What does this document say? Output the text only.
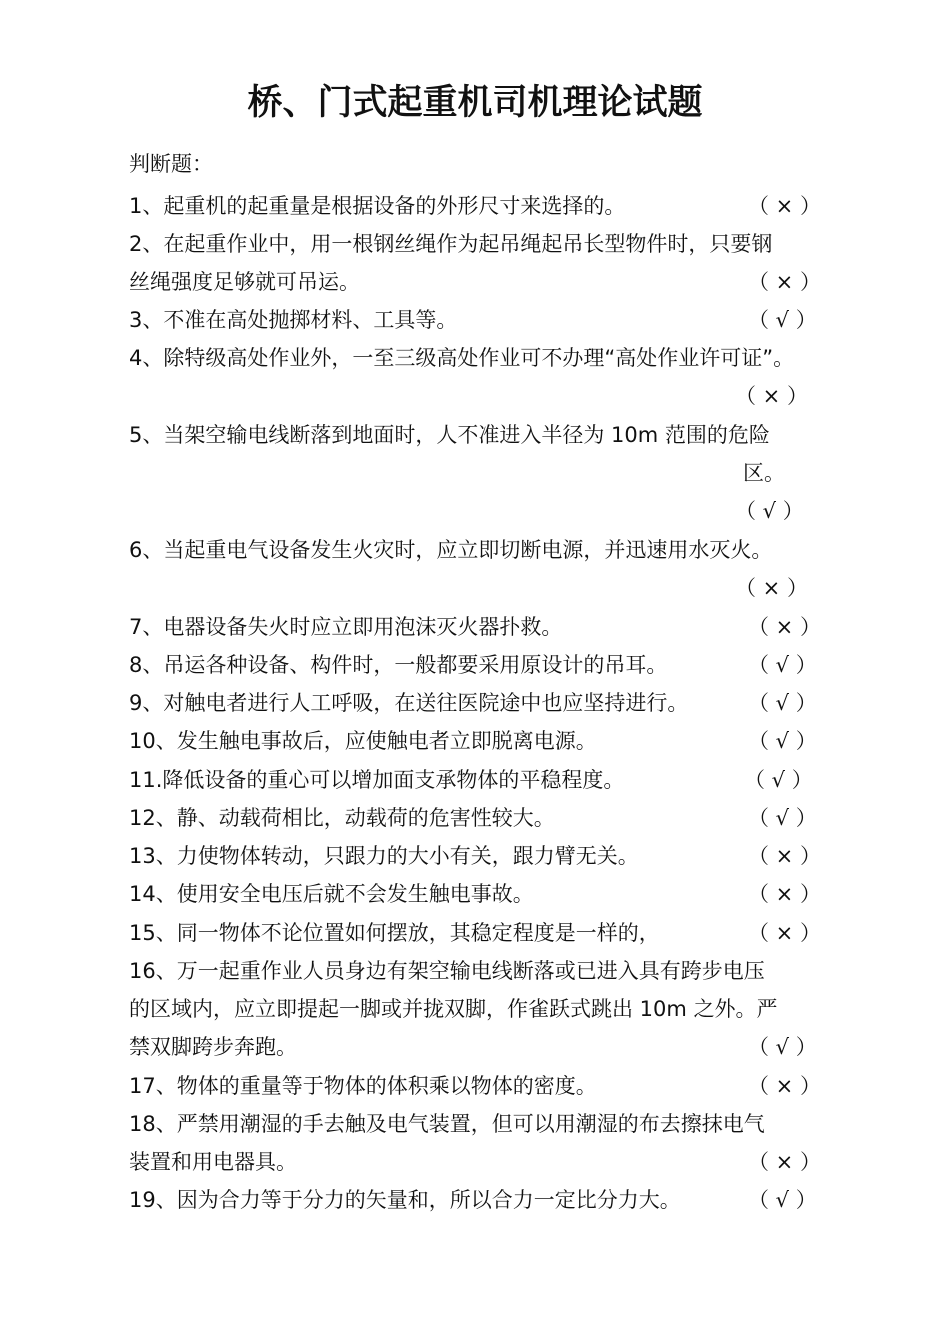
桥、门式起重机司机理论试题
判断题：
1、起重机的起重量是根据设备的外形尺寸来选择的。
2、在起重作业中，用一根钢丝绳作为起吊绳起吊长型物件时，只要钢
丝绳强度足够就可吊运。
3、不准在高处抛掷材料、工具等。
4、除特级高处作业外，一至三级高处作业可不办理“高处作业许可证”。
5、当架空输电线断落到地面时，人不准进入半径为 10m 范围的危险
区。
6、当起重电气设备发生火灾时，应立即切断电源，并迅速用水灭火。
7、电器设备失火时应立即用泡沫灭火器扑救。
8、吊运各种设备、构件时，一般都要采用原设计的吊耳。
9、对触电者进行人工呼吸，在送往医院途中也应坚持进行。
10、发生触电事故后，应使触电者立即脱离电源。
11.降低设备的重心可以增加面支承物体的平稳程度。
12、静、动载荷相比，动载荷的危害性较大。
13、力使物体转动，只跟力的大小有关，跟力臂无关。
14、使用安全电压后就不会发生触电事故。
15、同一物体不论位置如何摆放，其稳定程度是一样的，
16、万一起重作业人员身边有架空输电线断落或已进入具有跨步电压
的区域内，应立即提起一脚或并拢双脚，作雀跃式跳出 10m 之外。严
禁双脚跨步奔跑。
17、物体的重量等于物体的体积乘以物体的密度。
18、严禁用潮湿的手去触及电气装置，但可以用潮湿的布去擦抹电气
装置和用电器具。
19、因为合力等于分力的矢量和，所以合力一定比分力大。
（ × ）
（ × ）
（ √ ）
（ × ）
（ √ ）
（ × ）
（ × ）
（ √ ）
（ √ ）
（ √ ）
（ √ ）
（ √ ）
（ × ）
（ × ）
（ × ）
（ √ ）
（ × ）
（ × ）
（ √ ）
